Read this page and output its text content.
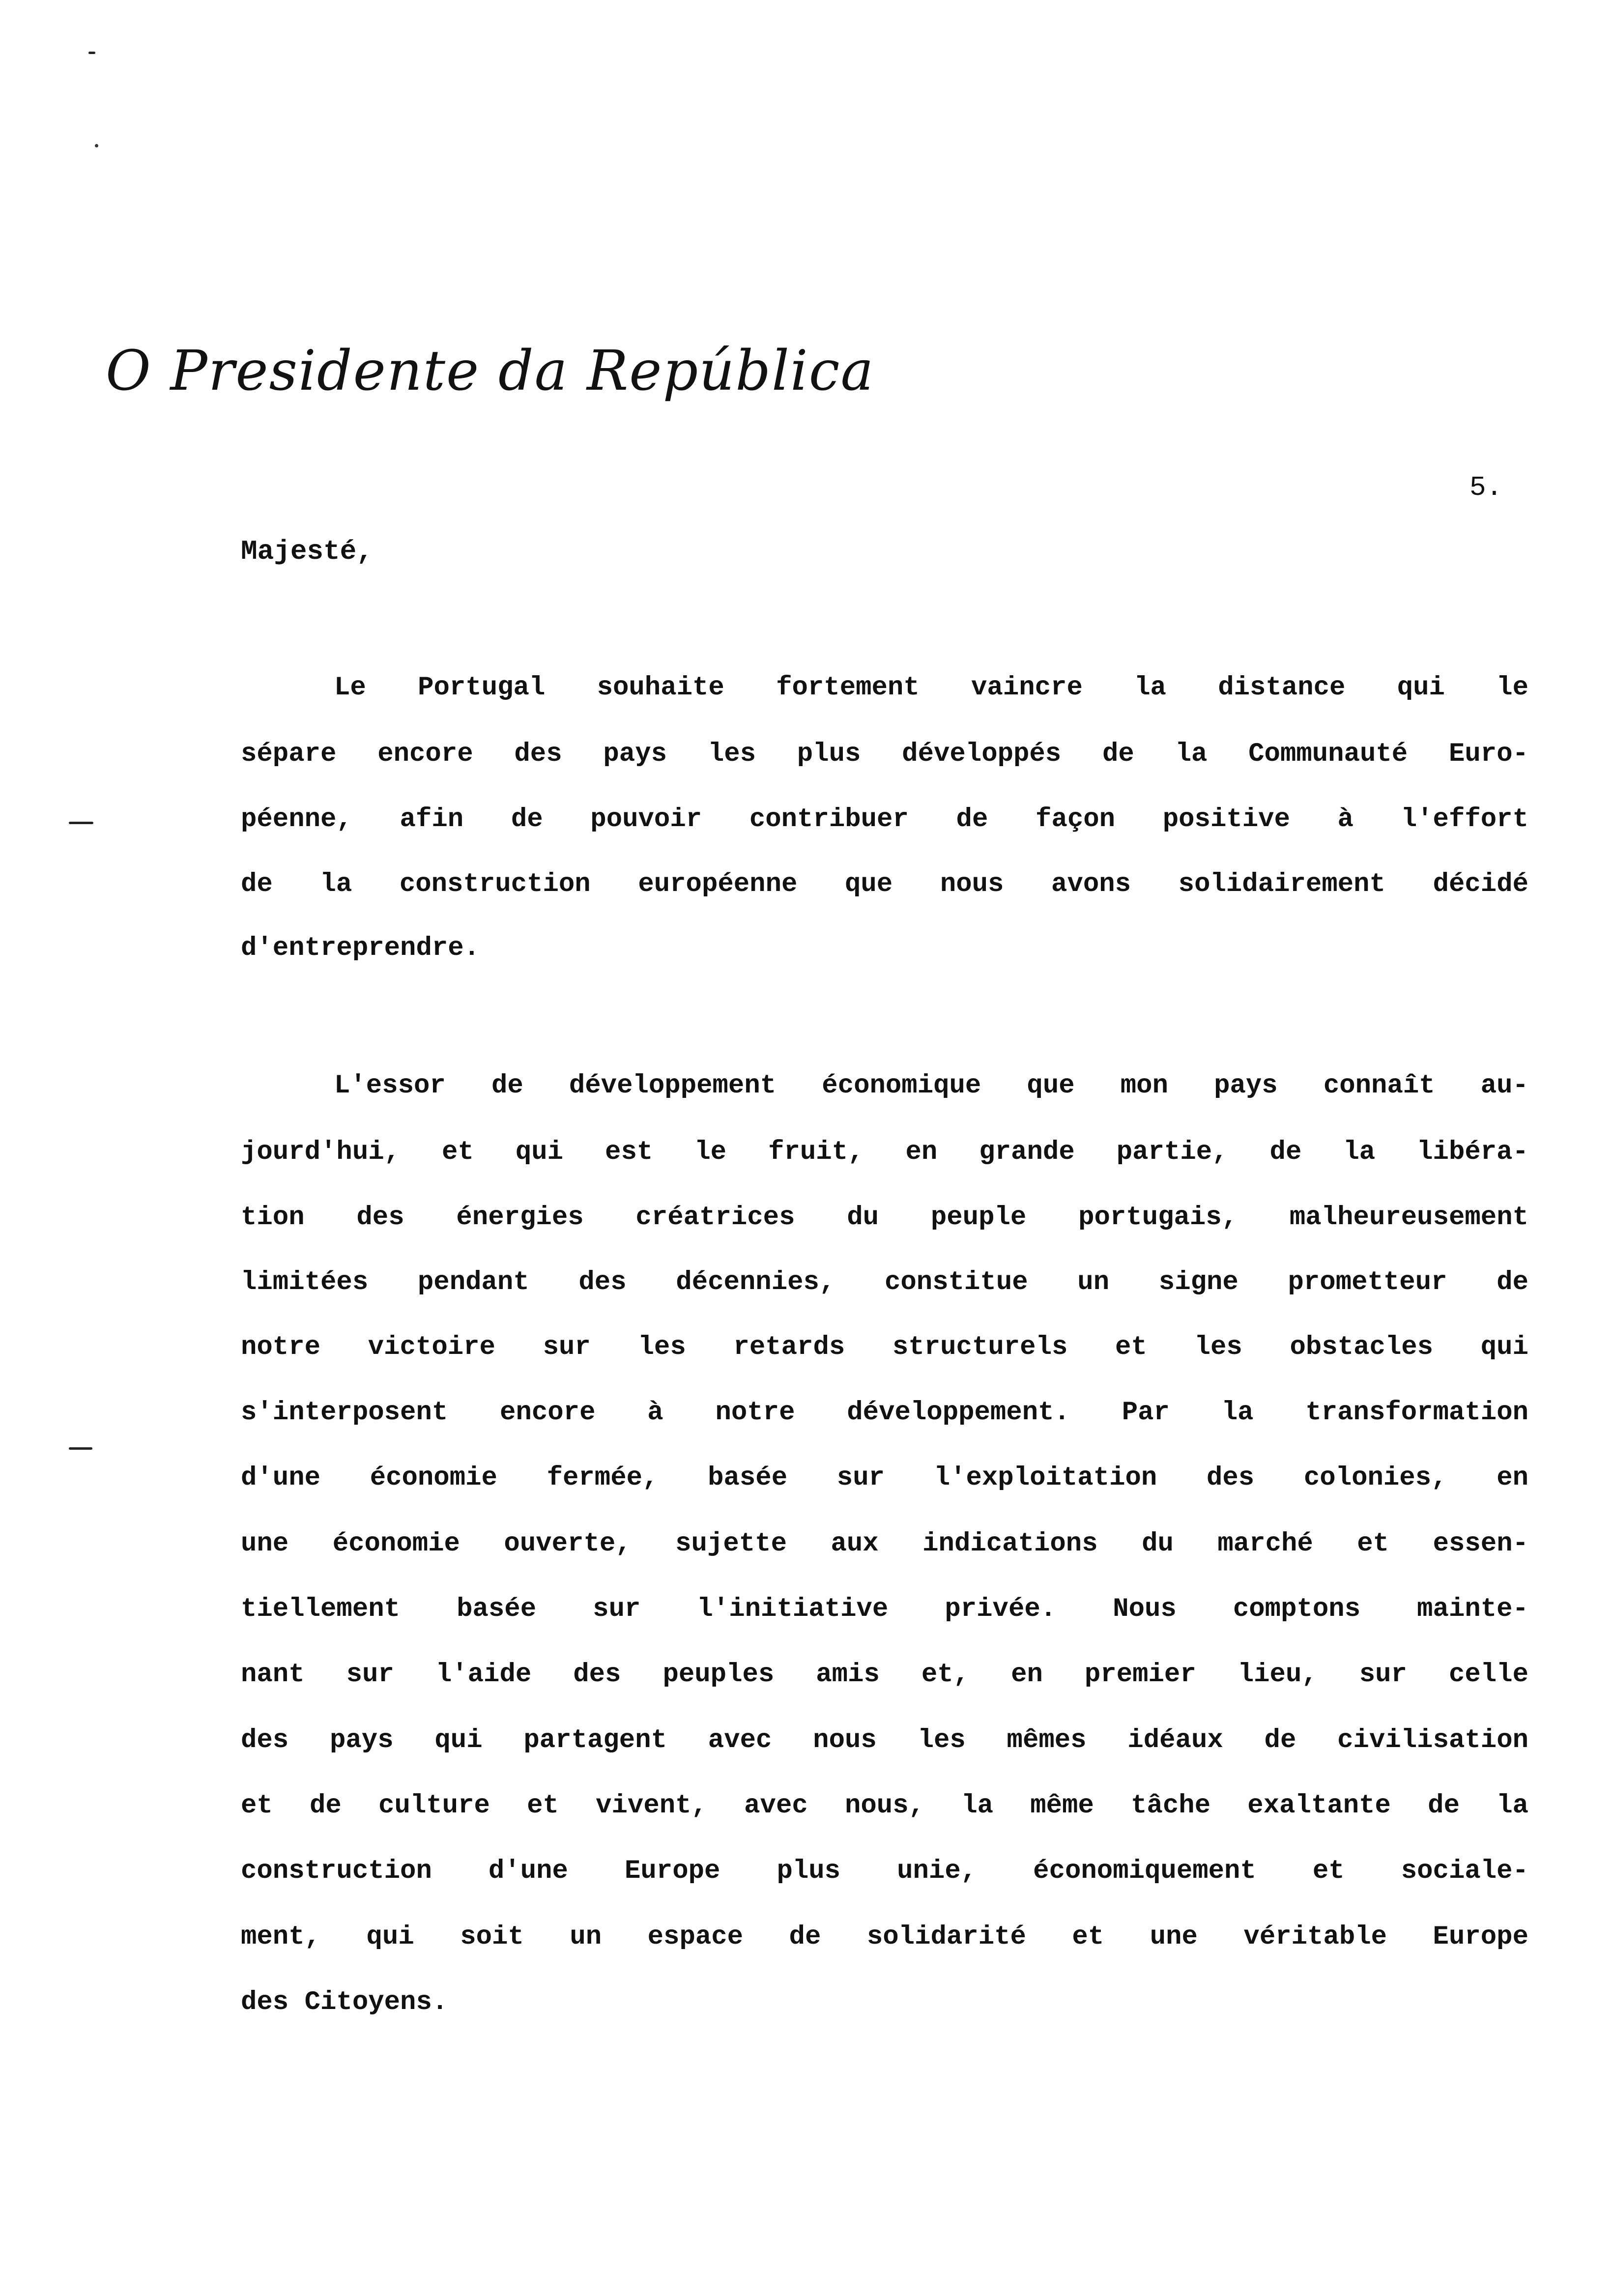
O Presidente da República
5.
Majesté,
Le Portugal souhaite fortement vaincre la distance qui le
sépare encore des pays les plus développés de la Communauté Euro-
péenne, afin de pouvoir contribuer de façon positive à l'effort
de la construction européenne que nous avons solidairement décidé
d'entreprendre.
L'essor de développement économique que mon pays connaît au-
jourd'hui, et qui est le fruit, en grande partie, de la libéra-
tion des énergies créatrices du peuple portugais, malheureusement
limitées pendant des décennies, constitue un signe prometteur de
notre victoire sur les retards structurels et les obstacles qui
s'interposent encore à notre développement. Par la transformation
d'une économie fermée, basée sur l'exploitation des colonies, en
une économie ouverte, sujette aux indications du marché et essen-
tiellement basée sur l'initiative privée. Nous comptons mainte-
nant sur l'aide des peuples amis et, en premier lieu, sur celle
des pays qui partagent avec nous les mêmes idéaux de civilisation
et de culture et vivent, avec nous, la même tâche exaltante de la
construction d'une Europe plus unie, économiquement et sociale-
ment, qui soit un espace de solidarité et une véritable Europe
des Citoyens.
